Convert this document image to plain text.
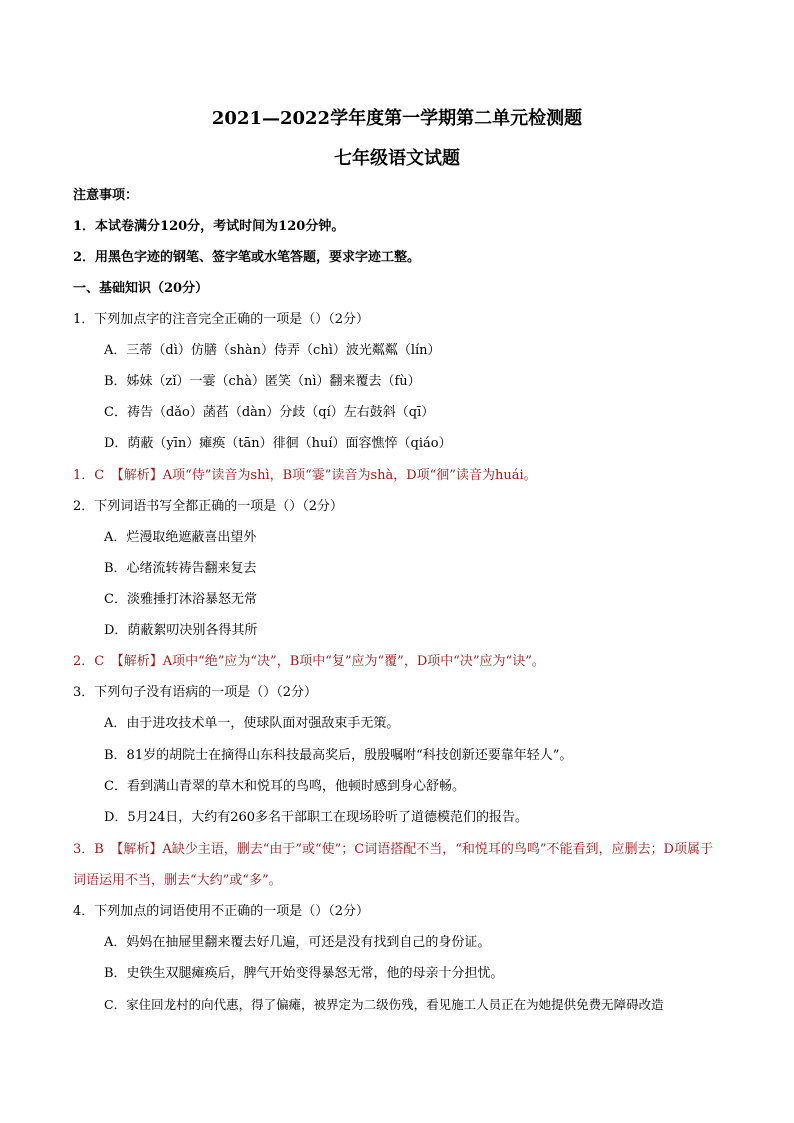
2021—2022学年度第一学期第二单元检测题
七年级语文试题
注意事项：
1．本试卷满分120分，考试时间为120分钟。
2．用黑色字迹的钢笔、签字笔或水笔答题，要求字迹工整。
一、基础知识（20分）
1．下列加点字的注音完全正确的一项是（）（2分）
A．三蒂（dì）仿膳（shàn）侍弄（chì）波光粼粼（lín）
B．姊妹（zǐ）一霎（chà）匿笑（nì）翻来覆去（fù）
C．祷告（dǎo）菡萏（dàn）分歧（qí）左右鼓斜（qī）
D．荫蔽（yīn）瘫痪（tān）徘徊（huí）面容憔悴（qiáo）
1．C　【解析】A项“侍”读音为shì，B项“霎”读音为shà，D项“徊”读音为huái。
2．下列词语书写全都正确的一项是（）（2分）
A．烂漫取绝遮蔽喜出望外
B．心绪流转祷告翻来复去
C．淡雅捶打沐浴暴怒无常
D．荫蔽絮叨决别各得其所
2．C　【解析】A项中“绝”应为“决”，B项中“复”应为“覆”，D项中“决”应为“诀”。
3．下列句子没有语病的一项是（）（2分）
A．由于进攻技术单一，使球队面对强敌束手无策。
B．81岁的胡院士在摘得山东科技最高奖后，殷殷嘱咐“科技创新还要靠年轻人”。
C．看到满山青翠的草木和悦耳的鸟鸣，他顿时感到身心舒畅。
D．5月24日，大约有260多名干部职工在现场聆听了道德模范们的报告。
3．B　【解析】A缺少主语，删去“由于”或“使”；C词语搭配不当，“和悦耳的鸟鸣”不能看到，应删去；D项属于词语运用不当，删去“大约”或“多”。
4．下列加点的词语使用不正确的一项是（）（2分）
A．妈妈在抽屉里翻来覆去好几遍，可还是没有找到自己的身份证。
B．史铁生双腿瘫痪后，脾气开始变得暴怒无常，他的母亲十分担忧。
C．家住回龙村的向代惠，得了偏瘫，被界定为二级伤残，看见施工人员正在为她提供免费无障碍改造
